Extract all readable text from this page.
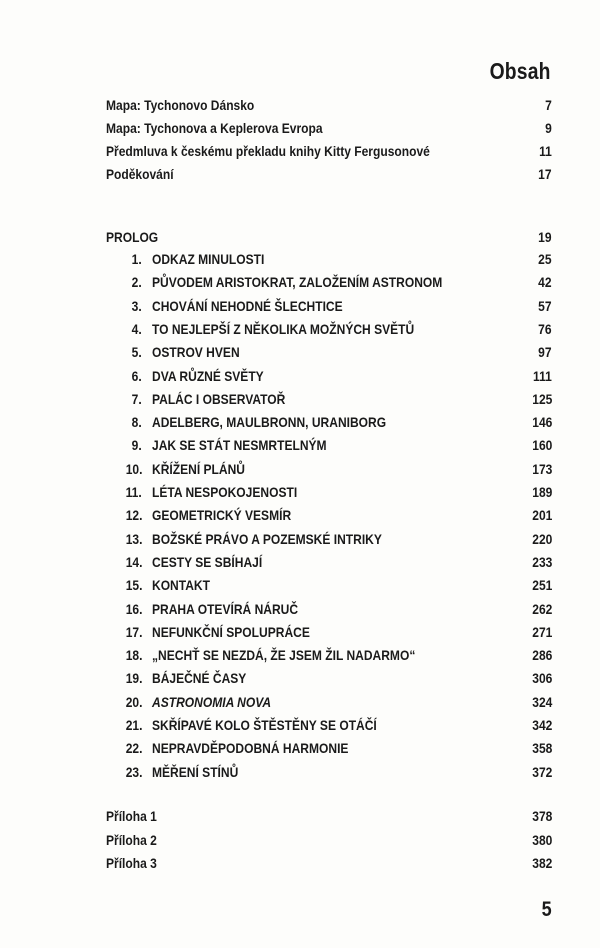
Obsah
Mapa: Tychonovo Dánsko	7
Mapa: Tychonova a Keplerova Evropa	9
Předmluva k českému překladu knihy Kitty Fergusonové	11
Poděkování	17
PROLOG	19
1. ODKAZ MINULOSTI	25
2. PŮVODEM ARISTOKRAT, ZALOŽENÍM ASTRONOM	42
3. CHOVÁNÍ NEHODNÉ ŠLECHTICE	57
4. TO NEJLEPŠÍ Z NĚKOLIKA MOŽNÝCH SVĚTŮ	76
5. OSTROV HVEN	97
6. DVA RŮZNÉ SVĚTY	111
7. PALÁC I OBSERVATOŘ	125
8. ADELBERG, MAULBRONN, URANIBORG	146
9. JAK SE STÁT NESMRTELNÝM	160
10. KŘÍŽENÍ PLÁNŮ	173
11. LÉTA NESPOKOJENOSTI	189
12. GEOMETRICKÝ VESMÍR	201
13. BOŽSKÉ PRÁVO A POZEMSKÉ INTRIKY	220
14. CESTY SE SBÍHAJÍ	233
15. KONTAKT	251
16. PRAHA OTEVÍRÁ NÁRUČ	262
17. NEFUNKČNÍ SPOLUPRÁCE	271
18. „NECHŤ SE NEZDÁ, ŽE JSEM ŽIL NADARMO“	286
19. BÁJEČNÉ ČASY	306
20. ASTRONOMIA NOVA	324
21. SKŘÍPAVÉ KOLO ŠTĚSTĚNY SE OTÁČÍ	342
22. NEPRAVDĚPODOBNÁ HARMONIE	358
23. MĚŘENÍ STÍNŮ	372
Příloha 1	378
Příloha 2	380
Příloha 3	382
5
